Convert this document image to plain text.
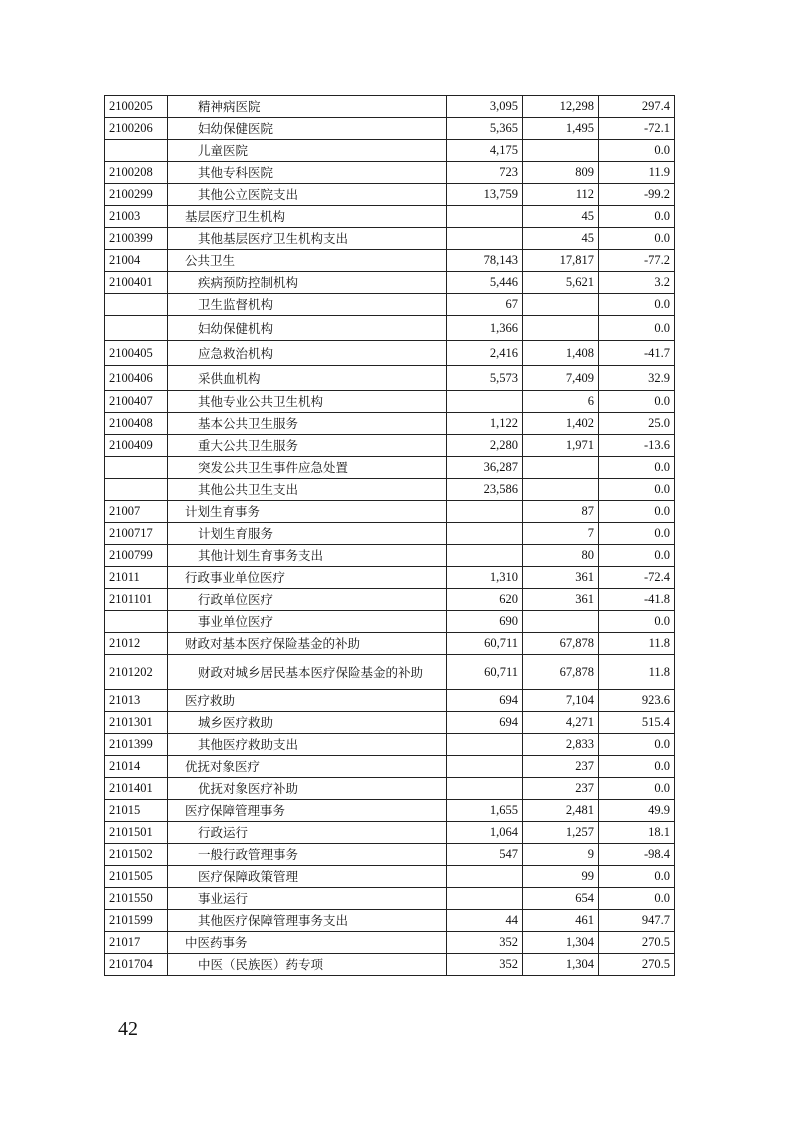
2100205	精神病医院	3,095	12,298	297.4
2100206	妇幼保健医院	5,365	1,495	-72.1
	儿童医院	4,175		0.0
2100208	其他专科医院	723	809	11.9
2100299	其他公立医院支出	13,759	112	-99.2
21003	基层医疗卫生机构		45	0.0
2100399	其他基层医疗卫生机构支出		45	0.0
21004	公共卫生	78,143	17,817	-77.2
2100401	疾病预防控制机构	5,446	5,621	3.2
	卫生监督机构	67		0.0
	妇幼保健机构	1,366		0.0
2100405	应急救治机构	2,416	1,408	-41.7
2100406	采供血机构	5,573	7,409	32.9
2100407	其他专业公共卫生机构		6	0.0
2100408	基本公共卫生服务	1,122	1,402	25.0
2100409	重大公共卫生服务	2,280	1,971	-13.6
	突发公共卫生事件应急处置	36,287		0.0
	其他公共卫生支出	23,586		0.0
21007	计划生育事务		87	0.0
2100717	计划生育服务		7	0.0
2100799	其他计划生育事务支出		80	0.0
21011	行政事业单位医疗	1,310	361	-72.4
2101101	行政单位医疗	620	361	-41.8
	事业单位医疗	690		0.0
21012	财政对基本医疗保险基金的补助	60,711	67,878	11.8
2101202	财政对城乡居民基本医疗保险基金的补助	60,711	67,878	11.8
21013	医疗救助	694	7,104	923.6
2101301	城乡医疗救助	694	4,271	515.4
2101399	其他医疗救助支出		2,833	0.0
21014	优抚对象医疗		237	0.0
2101401	优抚对象医疗补助		237	0.0
21015	医疗保障管理事务	1,655	2,481	49.9
2101501	行政运行	1,064	1,257	18.1
2101502	一般行政管理事务	547	9	-98.4
2101505	医疗保障政策管理		99	0.0
2101550	事业运行		654	0.0
2101599	其他医疗保障管理事务支出	44	461	947.7
21017	中医药事务	352	1,304	270.5
2101704	中医（民族医）药专项	352	1,304	270.5
42
